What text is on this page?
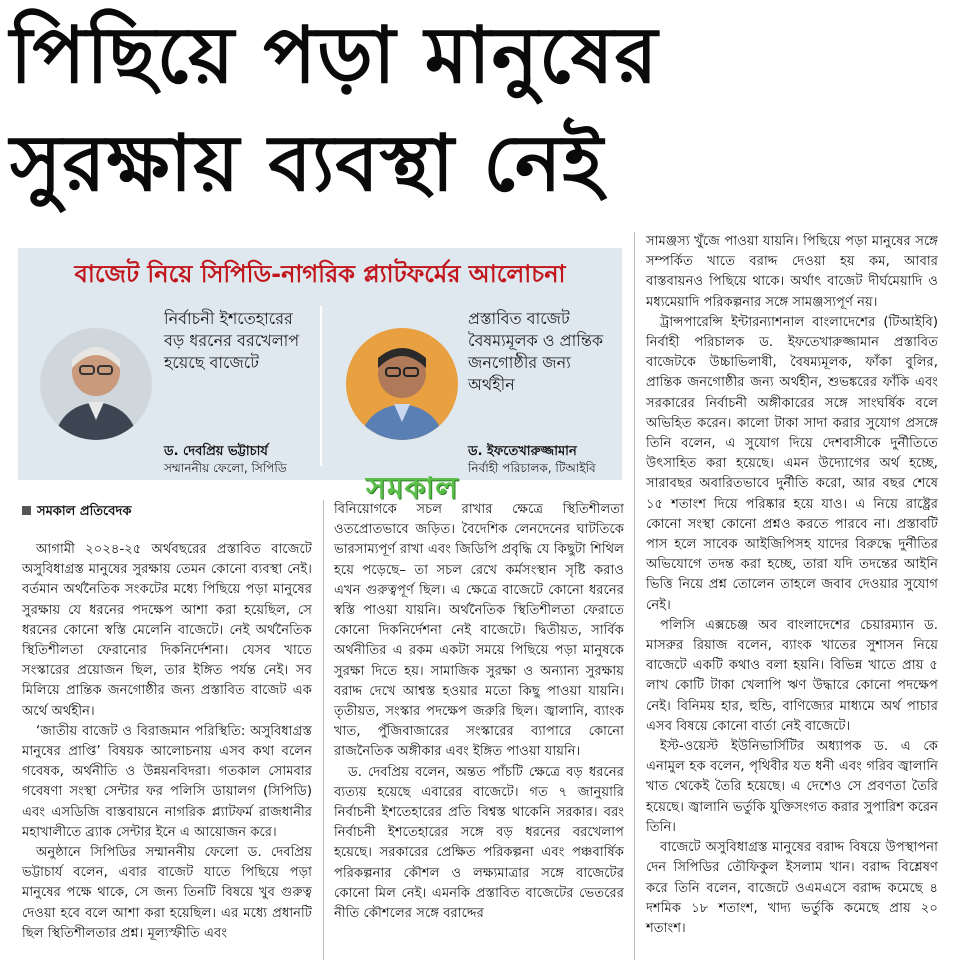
পিছিয়ে পড়া মানুষের
সুরক্ষায় ব্যবস্থা নেই
বাজেট নিয়ে সিপিডি-নাগরিক প্ল্যাটফর্মের আলোচনা
নির্বাচনী ইশতেহারের বড় ধরনের বরখেলাপ হয়েছে বাজেটে
ড. দেবপ্রিয় ভট্টাচার্য
সম্মাননীয় ফেলো, সিপিডি
প্রস্তাবিত বাজেট বৈষম্যমূলক ও প্রান্তিক জনগোষ্ঠীর জন্য অর্থহীন
ড. ইফতেখারুজ্জামান
নির্বাহী পরিচালক, টিআইবি
সমকাল
সমকাল প্রতিবেদক

আগামী ২০২৪-২৫ অর্থবছরের প্রস্তাবিত বাজেটে অসুবিধাগ্রস্ত মানুষের সুরক্ষায় তেমন কোনো ব্যবস্থা নেই। বর্তমান অর্থনৈতিক সংকটের মধ্যে পিছিয়ে পড়া মানুষের সুরক্ষায় যে ধরনের পদক্ষেপ আশা করা হয়েছিল, সে ধরনের কোনো স্বস্তি মেলেনি বাজেটে। নেই অর্থনৈতিক স্থিতিশীলতা ফেরানোর দিকনির্দেশনা। যেসব খাতে সংস্কারের প্রয়োজন ছিল, তার ইঙ্গিত পর্যন্ত নেই। সব মিলিয়ে প্রান্তিক জনগোষ্ঠীর জন্য প্রস্তাবিত বাজেট এক অর্থে অর্থহীন।

‘জাতীয় বাজেট ও বিরাজমান পরিস্থিতি: অসুবিধাগ্রস্ত মানুষের প্রাপ্তি’ বিষয়ক আলোচনায় এসব কথা বলেন গবেষক, অর্থনীতি ও উন্নয়নবিদরা। গতকাল সোমবার গবেষণা সংস্থা সেন্টার ফর পলিসি ডায়ালগ (সিপিডি) এবং এসডিজি বাস্তবায়নে নাগরিক প্ল্যাটফর্ম রাজধানীর মহাখালীতে ব্র্যাক সেন্টার ইনে এ আয়োজন করে।

অনুষ্ঠানে সিপিডির সম্মাননীয় ফেলো ড. দেবপ্রিয় ভট্টাচার্য বলেন, এবার বাজেট যাতে পিছিয়ে পড়া মানুষের পক্ষে থাকে, সে জন্য তিনটি বিষয়ে খুব গুরুত্ব দেওয়া হবে বলে আশা করা হয়েছিল। এর মধ্যে প্রধানটি ছিল স্থিতিশীলতার প্রশ্ন। মূল্যস্ফীতি এবং

বিনিয়োগকে সচল রাখার ক্ষেত্রে স্থিতিশীলতা ওতপ্রোতভাবে জড়িত। বৈদেশিক লেনদেনের ঘাটতিকে ভারসাম্যপূর্ণ রাখা এবং জিডিপি প্রবৃদ্ধি যে কিছুটা শিথিল হয়ে পড়েছে– তা সচল রেখে কর্মসংস্থান সৃষ্টি করাও এখন গুরুত্বপূর্ণ ছিল। এ ক্ষেত্রে বাজেটে কোনো ধরনের স্বস্তি পাওয়া যায়নি। অর্থনৈতিক স্থিতিশীলতা ফেরাতে কোনো দিকনির্দেশনা নেই বাজেটে। দ্বিতীয়ত, সার্বিক অর্থনীতির এ রকম একটা সময়ে পিছিয়ে পড়া মানুষকে সুরক্ষা দিতে হয়। সামাজিক সুরক্ষা ও অন্যান্য সুরক্ষায় বরাদ্দ দেখে আশ্বস্ত হওয়ার মতো কিছু পাওয়া যায়নি। তৃতীয়ত, সংস্কার পদক্ষেপ জরুরি ছিল। জ্বালানি, ব্যাংক খাত, পুঁজিবাজারের সংস্কারের ব্যাপারে কোনো রাজনৈতিক অঙ্গীকার এবং ইঙ্গিত পাওয়া যায়নি।

ড. দেবপ্রিয় বলেন, অন্তত পাঁচটি ক্ষেত্রে বড় ধরনের ব্যত্যয় হয়েছে এবারের বাজেটে। গত ৭ জানুয়ারি নির্বাচনী ইশতেহারের প্রতি বিশ্বস্ত থাকেনি সরকার। বরং নির্বাচনী ইশতেহারের সঙ্গে বড় ধরনের বরখেলাপ হয়েছে। সরকারের প্রেক্ষিত পরিকল্পনা এবং পঞ্চবার্ষিক পরিকল্পনার কৌশল ও লক্ষ্যমাত্রার সঙ্গে বাজেটের কোনো মিল নেই। এমনকি প্রস্তাবিত বাজেটের ভেতরের নীতি কৌশলের সঙ্গে বরাদ্দের

সামঞ্জস্য খুঁজে পাওয়া যায়নি। পিছিয়ে পড়া মানুষের সঙ্গে সম্পর্কিত খাতে বরাদ্দ দেওয়া হয় কম, আবার বাস্তবায়নও পিছিয়ে থাকে। অর্থাৎ বাজেট দীর্ঘমেয়াদি ও মধ্যমেয়াদি পরিকল্পনার সঙ্গে সামঞ্জস্যপূর্ণ নয়।

ট্রান্সপারেন্সি ইন্টারন্যাশনাল বাংলাদেশের (টিআইবি) নির্বাহী পরিচালক ড. ইফতেখারুজ্জামান প্রস্তাবিত বাজেটকে উচ্চাভিলাষী, বৈষম্যমূলক, ফাঁকা বুলির, প্রান্তিক জনগোষ্ঠীর জন্য অর্থহীন, শুভঙ্করের ফাঁকি এবং সরকারের নির্বাচনী অঙ্গীকারের সঙ্গে সাংঘর্ষিক বলে অভিহিত করেন। কালো টাকা সাদা করার সুযোগ প্রসঙ্গে তিনি বলেন, এ সুযোগ দিয়ে দেশবাসীকে দুর্নীতিতে উৎসাহিত করা হয়েছে। এমন উদ্যোগের অর্থ হচ্ছে, সারাবছর অবারিতভাবে দুর্নীতি করো, আর বছর শেষে ১৫ শতাংশ দিয়ে পরিষ্কার হয়ে যাও। এ নিয়ে রাষ্ট্রের কোনো সংস্থা কোনো প্রশ্নও করতে পারবে না। প্রস্তাবটি পাস হলে সাবেক আইজিপিসহ যাদের বিরুদ্ধে দুর্নীতির অভিযোগে তদন্ত করা হচ্ছে, তারা যদি তদন্তের আইনি ভিত্তি নিয়ে প্রশ্ন তোলেন তাহলে জবাব দেওয়ার সুযোগ নেই।

পলিসি এক্সচেঞ্জ অব বাংলাদেশের চেয়ারম্যান ড. মাসরুর রিয়াজ বলেন, ব্যাংক খাতের সুশাসন নিয়ে বাজেটে একটি কথাও বলা হয়নি। বিভিন্ন খাতে প্রায় ৫ লাখ কোটি টাকা খেলাপি ঋণ উদ্ধারে কোনো পদক্ষেপ নেই। বিনিময় হার, হুন্ডি, বাণিজ্যের মাধ্যমে অর্থ পাচার এসব বিষয়ে কোনো বার্তা নেই বাজেটে।

ইস্ট-ওয়েস্ট ইউনিভার্সিটির অধ্যাপক ড. এ কে এনামুল হক বলেন, পৃথিবীর যত ধনী এবং গরিব জ্বালানি খাত থেকেই তৈরি হয়েছে। এ দেশেও সে প্রবণতা তৈরি হয়েছে। জ্বালানি ভর্তুকি যুক্তিসংগত করার সুপারিশ করেন তিনি।

বাজেটে অসুবিধাগ্রস্ত মানুষের বরাদ্দ বিষয়ে উপস্থাপনা দেন সিপিডির তৌফিকুল ইসলাম খান। বরাদ্দ বিশ্লেষণ করে তিনি বলেন, বাজেটে ওএমএসে বরাদ্দ কমেছে ৪ দশমিক ১৮ শতাংশ, খাদ্য ভর্তুকি কমেছে প্রায় ২০ শতাংশ।
